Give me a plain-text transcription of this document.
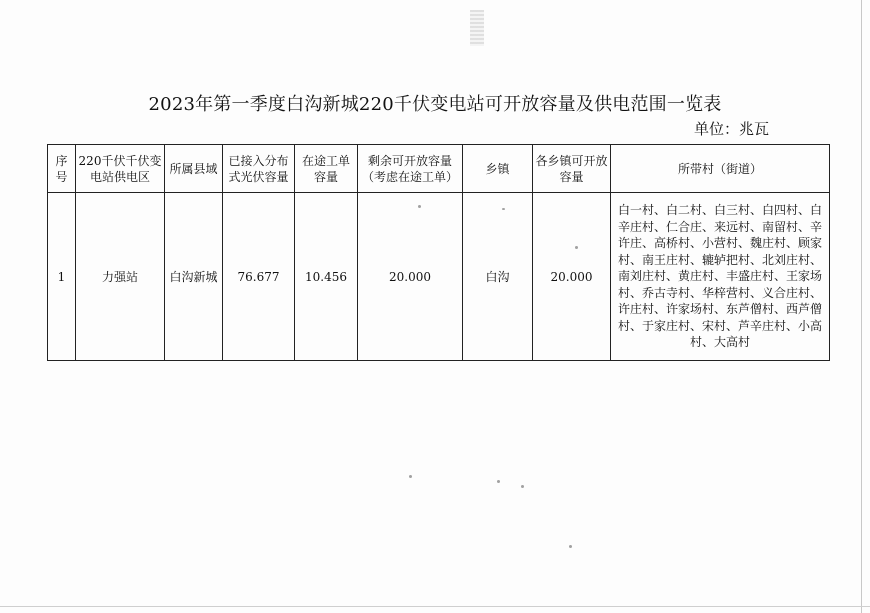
2023年第一季度白沟新城220千伏变电站可开放容量及供电范围一览表
单位：兆瓦
序号	220千伏千伏变电站供电区	所属县域	已接入分布式光伏容量	在途工单容量	剩余可开放容量（考虑在途工单）	乡镇	各乡镇可开放容量	所带村（街道）
1	力强站	白沟新城	76.677	10.456	20.000	白沟	20.000	白一村、白二村、白三村、白四村、白辛庄村、仁合庄、来远村、南留村、辛许庄、高桥村、小营村、魏庄村、顾家村、南王庄村、辘轳把村、北刘庄村、南刘庄村、黄庄村、丰盛庄村、王家场村、乔古寺村、华梓营村、义合庄村、许庄村、许家场村、东芦僧村、西芦僧村、于家庄村、宋村、芦辛庄村、小高村、大高村
